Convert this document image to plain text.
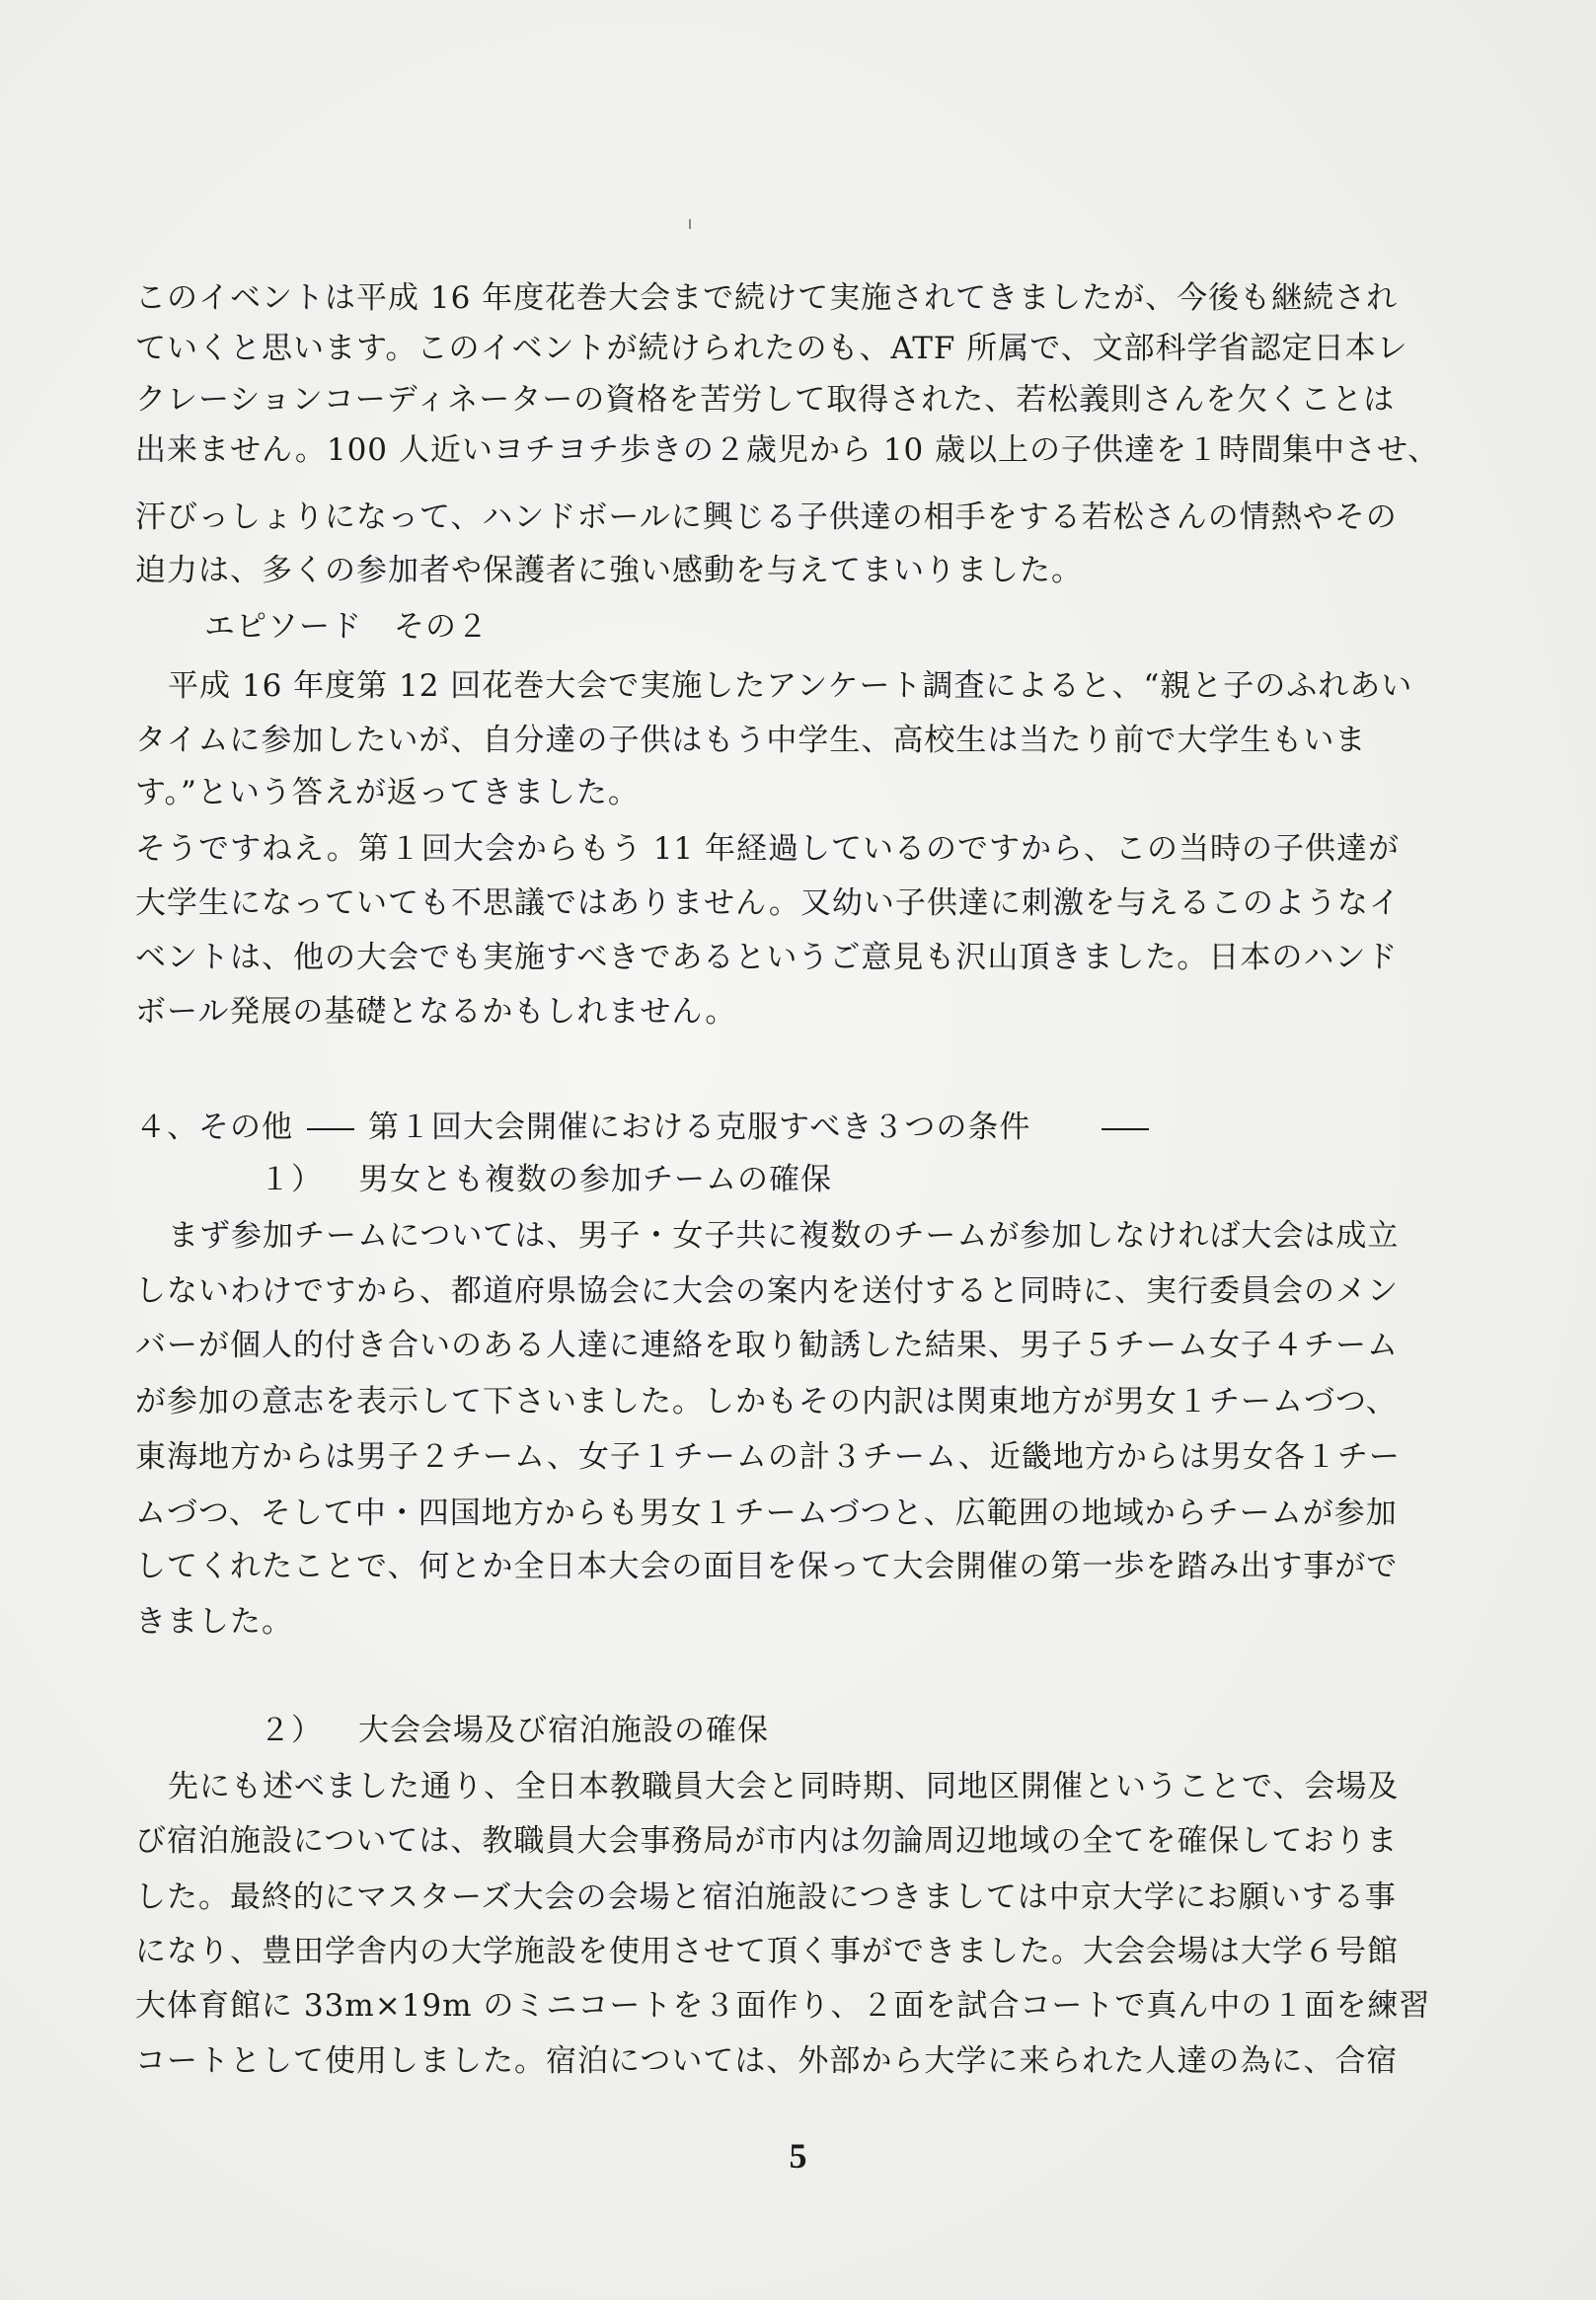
このイベントは平成 16 年度花巻大会まで続けて実施されてきましたが、今後も継続され
ていくと思います。このイベントが続けられたのも、ATF 所属で、文部科学省認定日本レ
クレーションコーディネーターの資格を苦労して取得された、若松義則さんを欠くことは
出来ません。100 人近いヨチヨチ歩きの２歳児から 10 歳以上の子供達を１時間集中させ、
汗びっしょりになって、ハンドボールに興じる子供達の相手をする若松さんの情熱やその
迫力は、多くの参加者や保護者に強い感動を与えてまいりました。
エピソード　その２
平成 16 年度第 12 回花巻大会で実施したアンケート調査によると、“親と子のふれあい
タイムに参加したいが、自分達の子供はもう中学生、高校生は当たり前で大学生もいま
す。”という答えが返ってきました。
そうですねえ。第１回大会からもう 11 年経過しているのですから、この当時の子供達が
大学生になっていても不思議ではありません。又幼い子供達に刺激を与えるこのようなイ
ベントは、他の大会でも実施すべきであるというご意見も沢山頂きました。日本のハンド
ボール発展の基礎となるかもしれません。
４、その他 第１回大会開催における克服すべき３つの条件
１） 男女とも複数の参加チームの確保
まず参加チームについては、男子・女子共に複数のチームが参加しなければ大会は成立
しないわけですから、都道府県協会に大会の案内を送付すると同時に、実行委員会のメン
バーが個人的付き合いのある人達に連絡を取り勧誘した結果、男子５チーム女子４チーム
が参加の意志を表示して下さいました。しかもその内訳は関東地方が男女１チームづつ、
東海地方からは男子２チーム、女子１チームの計３チーム、近畿地方からは男女各１チー
ムづつ、そして中・四国地方からも男女１チームづつと、広範囲の地域からチームが参加
してくれたことで、何とか全日本大会の面目を保って大会開催の第一歩を踏み出す事がで
きました。
２） 大会会場及び宿泊施設の確保
先にも述べました通り、全日本教職員大会と同時期、同地区開催ということで、会場及
び宿泊施設については、教職員大会事務局が市内は勿論周辺地域の全てを確保しておりま
した。最終的にマスターズ大会の会場と宿泊施設につきましては中京大学にお願いする事
になり、豊田学舎内の大学施設を使用させて頂く事ができました。大会会場は大学６号館
大体育館に 33m×19m のミニコートを３面作り、２面を試合コートで真ん中の１面を練習
コートとして使用しました。宿泊については、外部から大学に来られた人達の為に、合宿
5
